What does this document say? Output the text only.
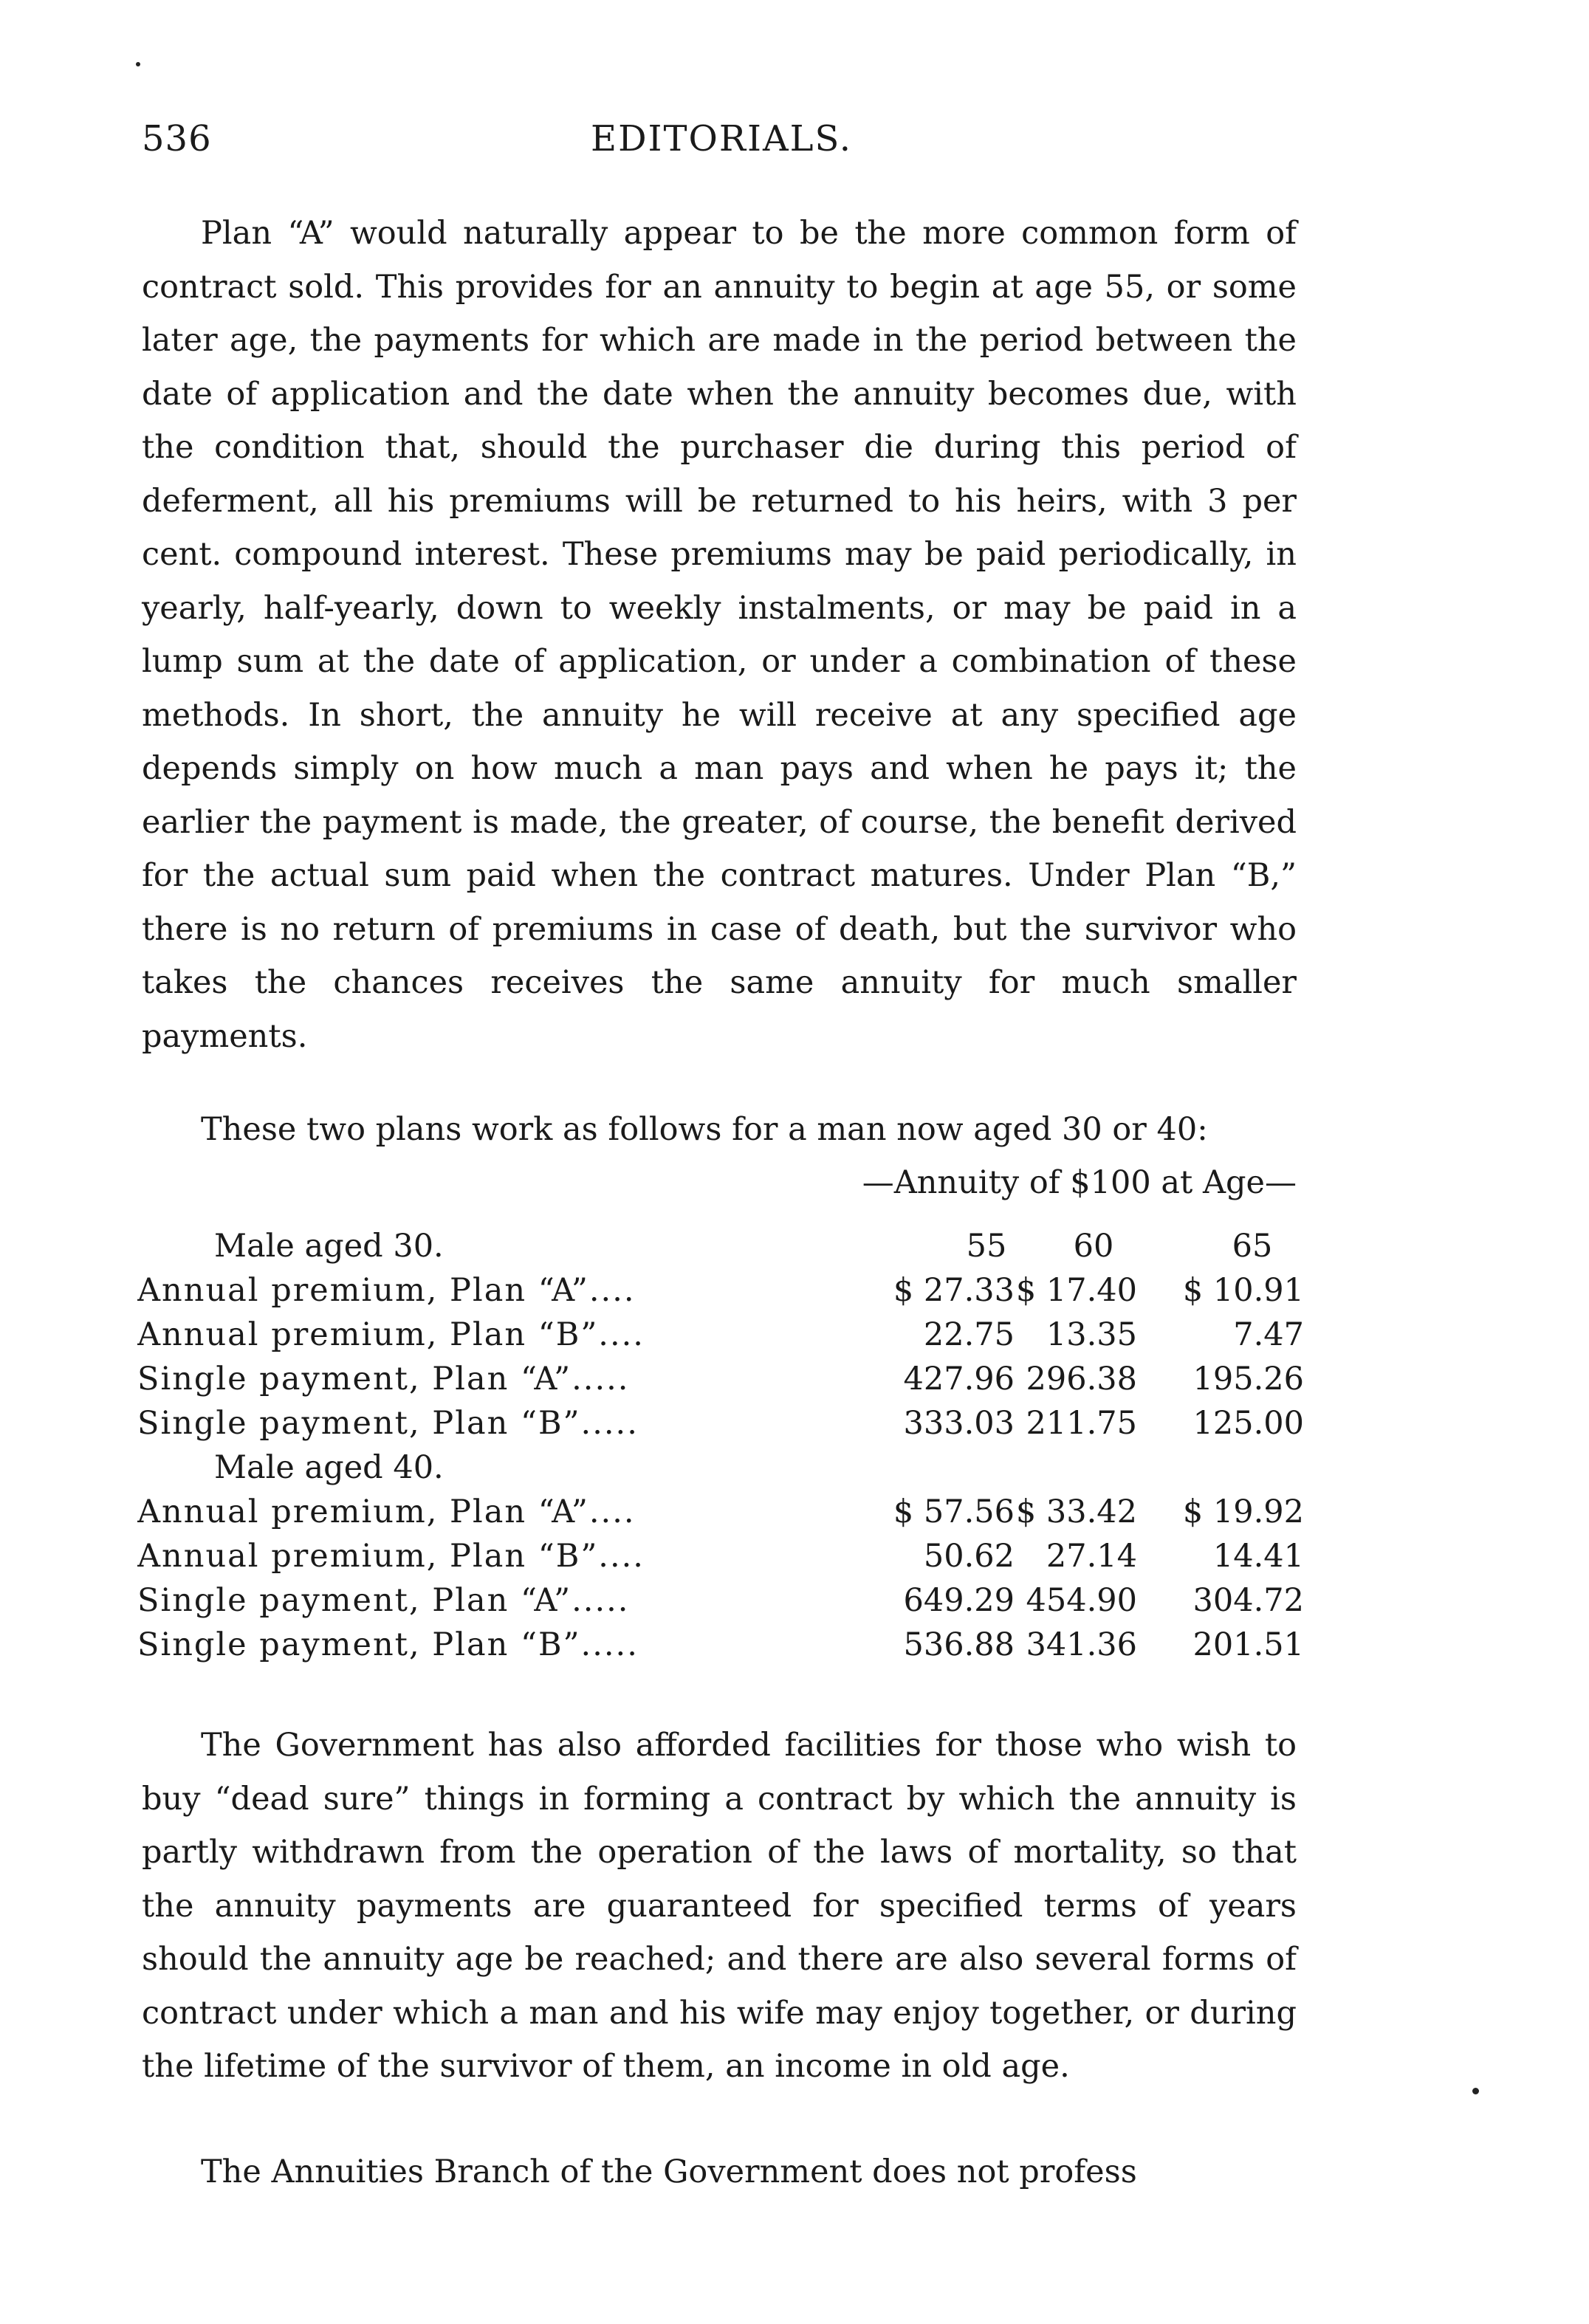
536	EDITORIALS.

Plan “A” would naturally appear to be the more common form of contract sold. This provides for an annuity to begin at age 55, or some later age, the payments for which are made in the period between the date of application and the date when the annuity becomes due, with the condition that, should the purchaser die during this period of deferment, all his premiums will be returned to his heirs, with 3 per cent. compound interest. These premiums may be paid periodically, in yearly, half-yearly, down to weekly instalments, or may be paid in a lump sum at the date of application, or under a combination of these methods. In short, the annuity he will receive at any specified age depends simply on how much a man pays and when he pays it; the earlier the payment is made, the greater, of course, the benefit derived for the actual sum paid when the contract matures. Under Plan “B,” there is no return of premiums in case of death, but the survivor who takes the chances receives the same annuity for much smaller payments.

These two plans work as follows for a man now aged 30 or 40:

—Annuity of $100 at Age—
Male aged 30.	55	60	65
Annual premium, Plan “A”....	$ 27.33 $ 17.40	$ 10.91
Annual premium, Plan “B”....	22.75 13.35	7.47
Single payment, Plan “A”.....	427.96 296.38	195.26
Single payment, Plan “B”.....	333.03 211.75	125.00
Male aged 40.
Annual premium, Plan “A”....	$ 57.56 $ 33.42	$ 19.92
Annual premium, Plan “B”....	50.62 27.14	14.41
Single payment, Plan “A”.....	649.29 454.90	304.72
Single payment, Plan “B”.....	536.88 341.36	201.51

The Government has also afforded facilities for those who wish to buy “dead sure” things in forming a contract by which the annuity is partly withdrawn from the operation of the laws of mortality, so that the annuity payments are guaranteed for specified terms of years should the annuity age be reached; and there are also several forms of contract under which a man and his wife may enjoy together, or during the lifetime of the survivor of them, an income in old age.

The Annuities Branch of the Government does not profess
